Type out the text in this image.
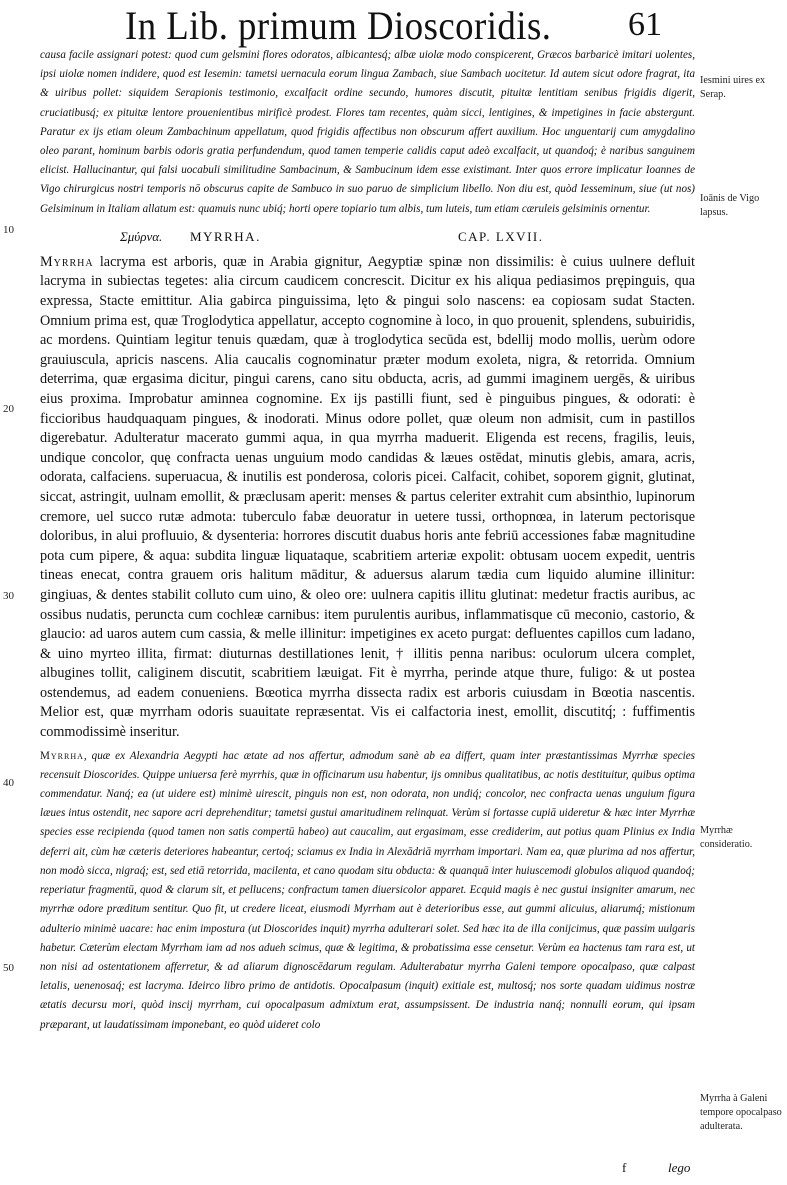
In Lib. primum Dioscoridis. 61

causa facile assignari potest: quod cum gelsmini flores odoratos, albicantesq́; albæ uiolæ modo conspicerent, Græcos barbaricè imitari uolentes, ipsi uiolæ nomen indidere, quod est Iesemin: tametsi uernacula eorum lingua Zambach, siue Sambach uocitetur. Id autem sicut odore fragrat, ita & uiribus pollet: siquidem Serapionis testimonio, excalfacit ordine secundo, humores discutit, pituitæ lentitiam senibus frigidis digerit, cruciatibusq́; ex pituitæ lentore prouenientibus mirificè prodest. Flores tam recentes, quàm sicci, lentigines, & impetigines in facie abstergunt. Paratur ex ijs etiam oleum Zambachinum appellatum, quod frigidis affectibus non obscurum affert auxilium. Hoc unguentarij cum amygdalino oleo parant, hominum barbis odoris gratia perfundendum, quod tamen temperie calidis caput adeò excalfacit, ut quandoq́; è naribus sanguinem elicist. Hallucinantur, qui falsi uocabuli similitudine Sambacinum, & Sambucinum idem esse existimant. Inter quos errore implicatur Ioannes de Vigo chirurgicus nostri temporis nō obscurus capite de Sambuco in suo paruo de simplicium libello. Non diu est, quòd Iesseminum, siue (ut nos) Gelsiminum in Italiam allatum est: quamuis nunc ubiq́; horti opere topiario tum albis, tum luteis, tum etiam cæruleis gelsiminis ornentur.

Σμύρνα. MYRRHA.	CAP. LXVII.

Myrrha lacryma est arboris, quæ in Arabia gignitur, Aegyptiæ spinæ non dissimilis: è cuius uulnere defluit lacryma in subiectas tegetes: alia circum caudicem concrescit. Dicitur ex his aliqua pediasimos prępinguis, qua expressa, Stacte emittitur. Alia gabirca pinguissima, lęto & pingui solo nascens: ea copiosam sudat Stacten. Omnium prima est, quæ Troglodytica appellatur, accepto cognomine à loco, in quo prouenit, splendens, subuiridis, ac mordens. Quintiam legitur tenuis quædam, quæ à troglodytica secūda est, bdellij modo mollis, uerùm odore grauiuscula, apricis nascens. Alia caucalis cognominatur præter modum exoleta, nigra, & retorrida. Omnium deterrima, quæ ergasima dicitur, pingui carens, cano situ obducta, acris, ad gummi imaginem uergēs, & uiribus eius proxima. Improbatur aminnea cognomine. Ex ijs pastilli fiunt, sed è pinguibus pingues, & odorati: è ficcioribus haudquaquam pingues, & inodorati. Minus odore pollet, quæ oleum non admisit, cum in pastillos digerebatur. Adulteratur macerato gummi aqua, in qua myrrha maduerit. Eligenda est recens, fragilis, leuis, undique concolor, quę confracta uenas unguium modo candidas & læues ostēdat, minutis glebis, amara, acris, odorata, calfaciens. superuacua, & inutilis est ponderosa, coloris picei. Calfacit, cohibet, soporem gignit, glutinat, siccat, astringit, uulnam emollit, & præclusam aperit: menses & partus celeriter extrahit cum absinthio, lupinorum cremore, uel succo rutæ admota: tuberculo fabæ deuoratur in uetere tussi, orthopnœa, in laterum pectorisque doloribus, in alui profluuio, & dysenteria: horrores discutit duabus horis ante febriū accessiones fabæ magnitudine pota cum pipere, & aqua: subdita linguæ liquataque, scabritiem arteriæ expolit: obtusam uocem expedit, uentris tineas enecat, contra grauem oris halitum māditur, & aduersus alarum tædia cum liquido alumine illinitur: gingiuas, & dentes stabilit colluto cum uino, & oleo ore: uulnera capitis illitu glutinat: medetur fractis auribus, ac ossibus nudatis, peruncta cum cochleæ carnibus: item purulentis auribus, inflammatisque cū meconio, castorio, & glaucio: ad uaros autem cum cassia, & melle illinitur: impetigines ex aceto purgat: defluentes capillos cum ladano, & uino myrteo illita, firmat: diuturnas destillationes lenit, † illitis penna naribus: oculorum ulcera complet, albugines tollit, caliginem discutit, scabritiem læuigat. Fit è myrrha, perinde atque thure, fuligo: & ut postea ostendemus, ad eadem conueniens. Bœotica myrrha dissecta radix est arboris cuiusdam in Bœotia nascentis. Melior est, quæ myrrham odoris suauitate repræsentat. Vis ei calfactoria inest, emollit, discutitq́; : fuffimentis commodissimè inseritur.

Myrrha, quæ ex Alexandria Aegypti hac ætate ad nos affertur, admodum sanè ab ea differt, quam inter præstantissimas Myrrhæ species recensuit Dioscorides. Quippe uniuersa ferè myrrhis, quæ in officinarum usu habentur, ijs omnibus qualitatibus, ac notis destituitur, quibus optima commendatur. Nanq́; ea (ut uidere est) minimè uirescit, pinguis non est, non odorata, non undiq́; concolor, nec confracta uenas unguium figura læues intus ostendit, nec sapore acri deprehenditur; tametsi gustui amaritudinem relinquat. Verùm si fortasse cupiā uideretur & hæc inter Myrrhæ species esse recipienda (quod tamen non satis compertū habeo) aut caucalim, aut ergasimam, esse crediderim, aut potius quam Plinius ex India deferri ait, cùm hæ cæteris deteriores habeantur, certoq́; sciamus ex India in Alexādriā myrrham importari. Nam ea, quæ plurima ad nos affertur, non modò sicca, nigraq́; est, sed etiā retorrida, macilenta, et cano quodam situ obducta: & quanquā inter huiuscemodi globulos aliquod quandoq́; reperiatur fragmentū, quod & clarum sit, et pellucens; confractum tamen diuersicolor apparet. Ecquid magis è nec gustui insigniter amarum, nec myrrhæ odore præditum sentitur. Quo fit, ut credere liceat, eiusmodi Myrrham aut è deterioribus esse, aut gummi alicuius, aliarumq́; mistionum adulterio minimè uacare: hac enim impostura (ut Dioscorides inquit) myrrha adulterari solet. Sed hæc ita de illa conijcimus, quæ passim uulgaris habetur. Cæterùm electam Myrrham iam ad nos adueh scimus, quæ & legitima, & probatissima esse censetur. Verùm ea hactenus tam rara est, ut non nisi ad ostentationem afferretur, & ad aliarum dignoscēdarum regulam. Adulterabatur myrrha Galeni tempore opocalpaso, quæ calpast letalis, uenenosaq́; est lacryma. Ideirco libro primo de antidotis. Opocalpasum (inquit) exitiale est, multosq́; nos sorte quadam uidimus nostræ ætatis decursu mori, quòd inscij myrrham, cui opocalpasum admixtum erat, assumpsissent. De industria nanq́; nonnulli eorum, qui ipsam præparant, ut laudatissimam imponebant, eo quòd uideret colo

10
20
30
40
50
Iesmini uires ex Serap.
Ioānis de Vigo lapsus.
Myrrhæ consideratio.
Myrrha à Galeni tempore opocalpaso adulterata.
f	lego
